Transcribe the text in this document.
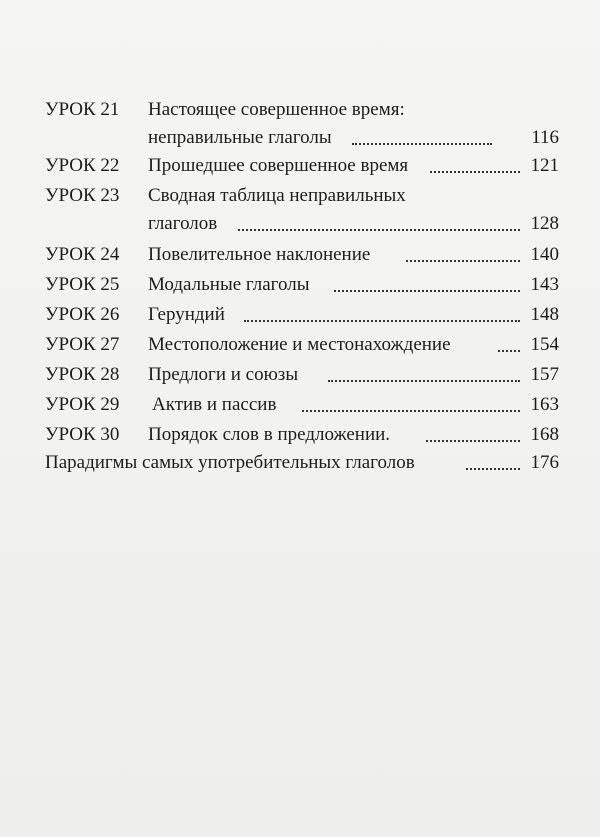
УРОК 21 Настоящее совершенное время:
неправильные глаголы	116
УРОК 22 Прошедшее совершенное время	121
УРОК 23 Сводная таблица неправильных
глаголов	128
УРОК 24 Повелительное наклонение	140
УРОК 25 Модальные глаголы	143
УРОК 26 Герундий	148
УРОК 27 Местоположение и местонахождение	154
УРОК 28 Предлоги и союзы	157
УРОК 29 Актив и пассив	163
УРОК 30 Порядок слов в предложении.	168
Парадигмы самых употребительных глаголов	176
